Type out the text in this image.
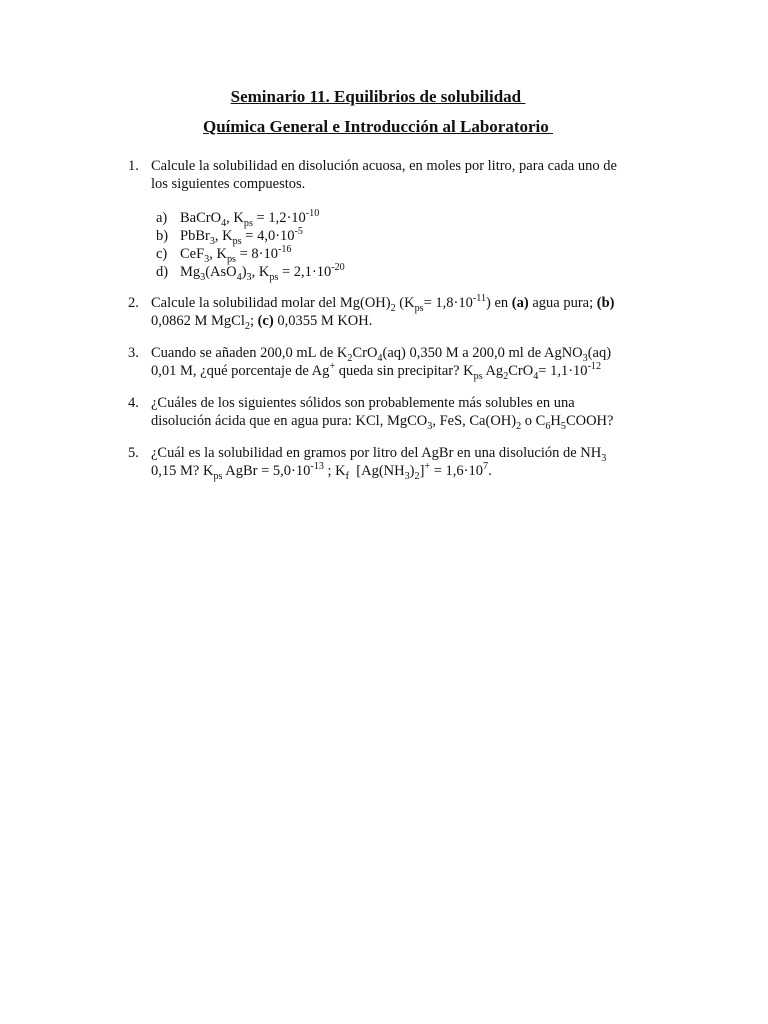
Seminario 11. Equilibrios de solubilidad
Química General e Introducción al Laboratorio
1. Calcule la solubilidad en disolución acuosa, en moles por litro, para cada uno de
los siguientes compuestos.
a) BaCrO$_4$, $K_{ps} = 1,2\cdot 10^{-10}$
b) PbBr$_3$, $K_{ps} = 4,0\cdot 10^{-5}$
c) CeF$_3$, $K_{ps} = 8\cdot 10^{-16}$
d) $Mg_3(AsO_4)_3$, $K_{ps} = 2,1\cdot 10^{-20}$
2. Calcule la solubilidad molar del $Mg(OH)_2$ $(K_{ps}= 1,8\cdot 10^{-11})$ en (a) agua pura; (b)
0,0862 M MgCl$_2$; (c) 0,0355 M KOH.
3. Cuando se añaden 200,0 mL de $K_2CrO_4(aq)$ 0,350 M a 200,0 ml de AgNO$_3$(aq)
0,01 M, ¿qué porcentaje de Ag+ queda sin precipitar? $K_{ps}$ $Ag_2CrO_4= 1,1\cdot 10^{-12}$
4. ¿Cuáles de los siguientes sólidos son probablemente más solubles en una
disolución ácida que en agua pura: KCl, MgCO$_3$, FeS, $Ca(OH)_2$ o $C_6H_5COOH$?
5. ¿Cuál es la solubilidad en gramos por litro del AgBr en una disolución de $NH_3$
0,15 M? $K_{ps}$ AgBr = $5,0\cdot 10^{-13}$ ; $K_f$  $[Ag(NH_3)_2]^+ = 1,6\cdot 10^7$.
